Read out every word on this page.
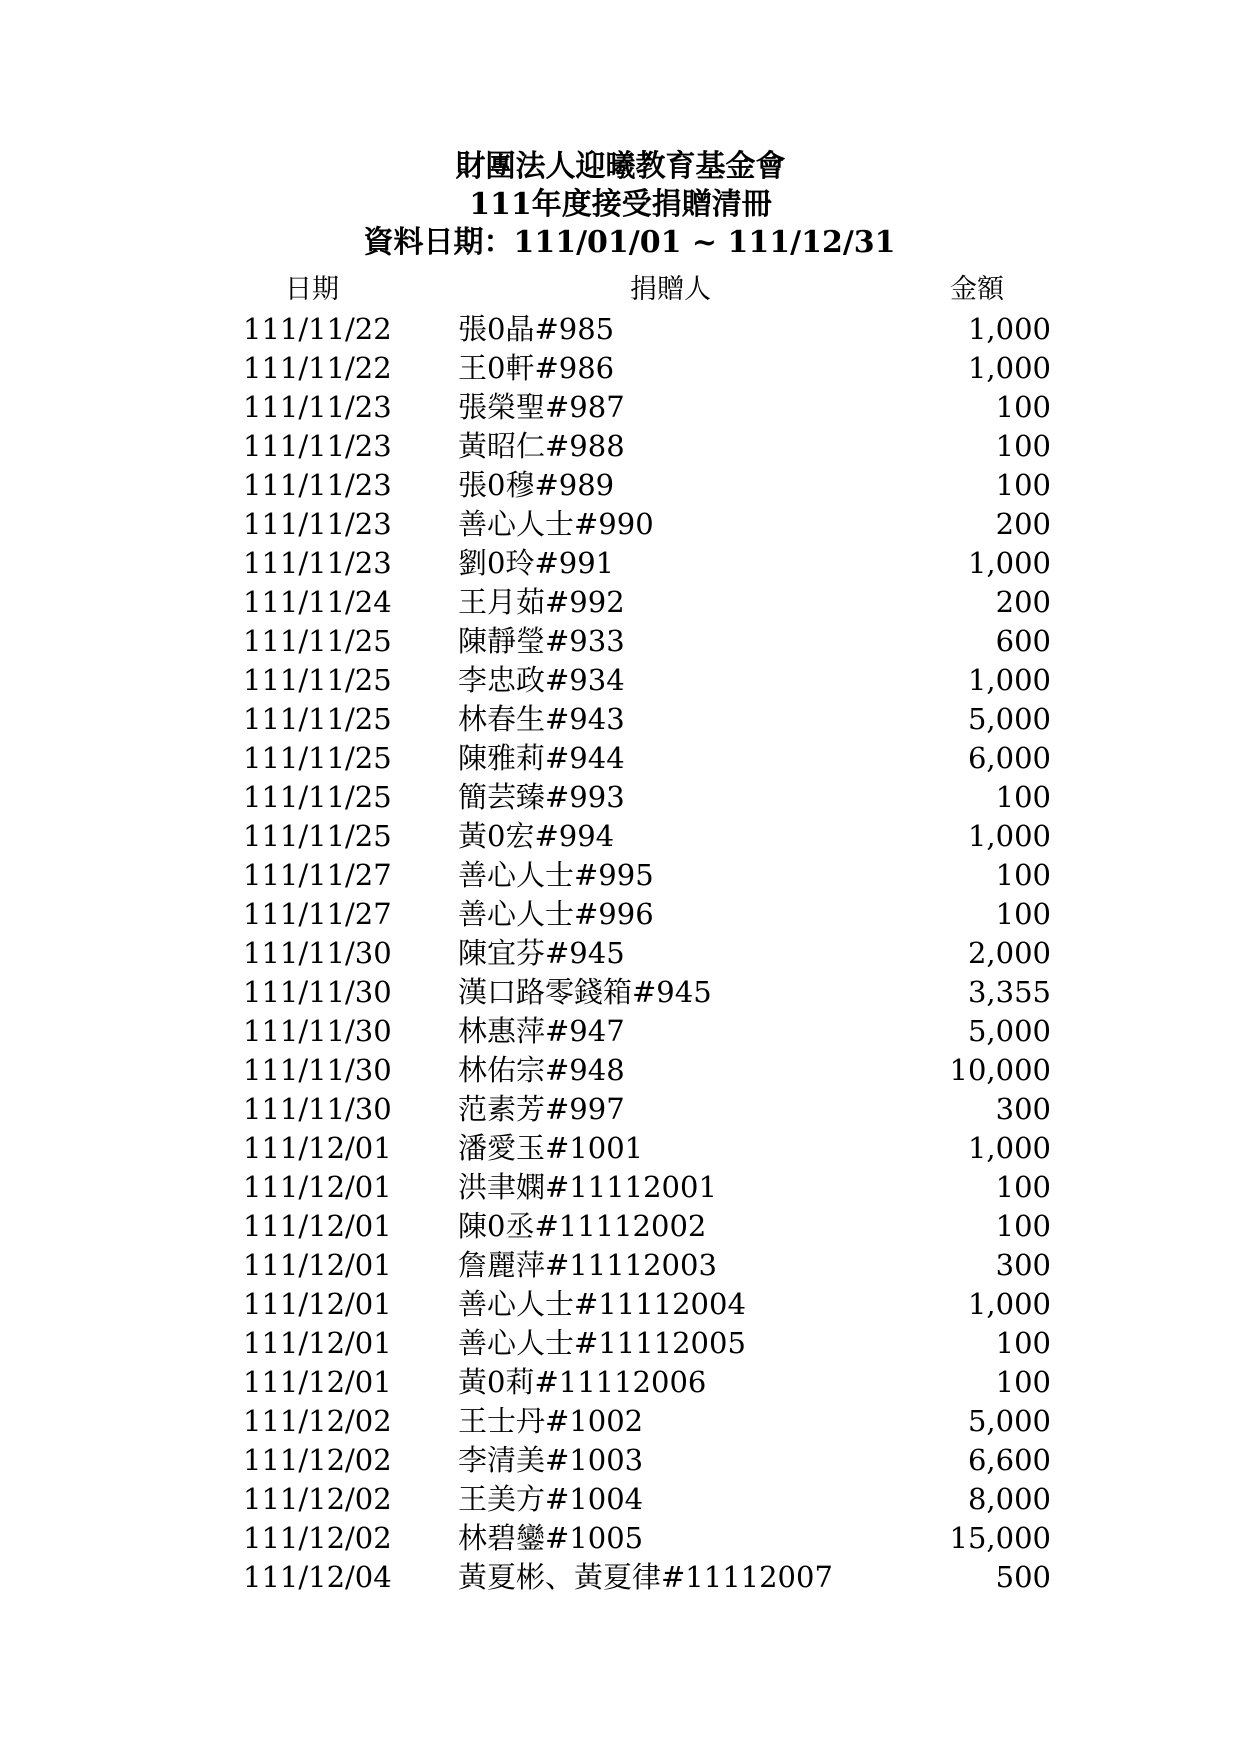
財團法人迎曦教育基金會
111年度接受捐贈清冊
資料日期：111/01/01 ~ 111/12/31
日期	捐贈人	金額
111/11/22 張0晶#985	1,000
111/11/22 王0軒#986	1,000
111/11/23 張榮聖#987	100
111/11/23 黃昭仁#988	100
111/11/23 張0穆#989	100
111/11/23 善心人士#990	200
111/11/23 劉0玲#991	1,000
111/11/24 王月茹#992	200
111/11/25 陳靜瑩#933	600
111/11/25 李忠政#934	1,000
111/11/25 林春生#943	5,000
111/11/25 陳雅莉#944	6,000
111/11/25 簡芸臻#993	100
111/11/25 黃0宏#994	1,000
111/11/27 善心人士#995	100
111/11/27 善心人士#996	100
111/11/30 陳宜芬#945	2,000
111/11/30 漢口路零錢箱#945	3,355
111/11/30 林惠萍#947	5,000
111/11/30 林佑宗#948	10,000
111/11/30 范素芳#997	300
111/12/01 潘愛玉#1001	1,000
111/12/01 洪聿嫻#11112001	100
111/12/01 陳0丞#11112002	100
111/12/01 詹麗萍#11112003	300
111/12/01 善心人士#11112004	1,000
111/12/01 善心人士#11112005	100
111/12/01 黃0莉#11112006	100
111/12/02 王士丹#1002	5,000
111/12/02 李清美#1003	6,600
111/12/02 王美方#1004	8,000
111/12/02 林碧鑾#1005	15,000
111/12/04 黃夏彬、黃夏律#11112007	500
